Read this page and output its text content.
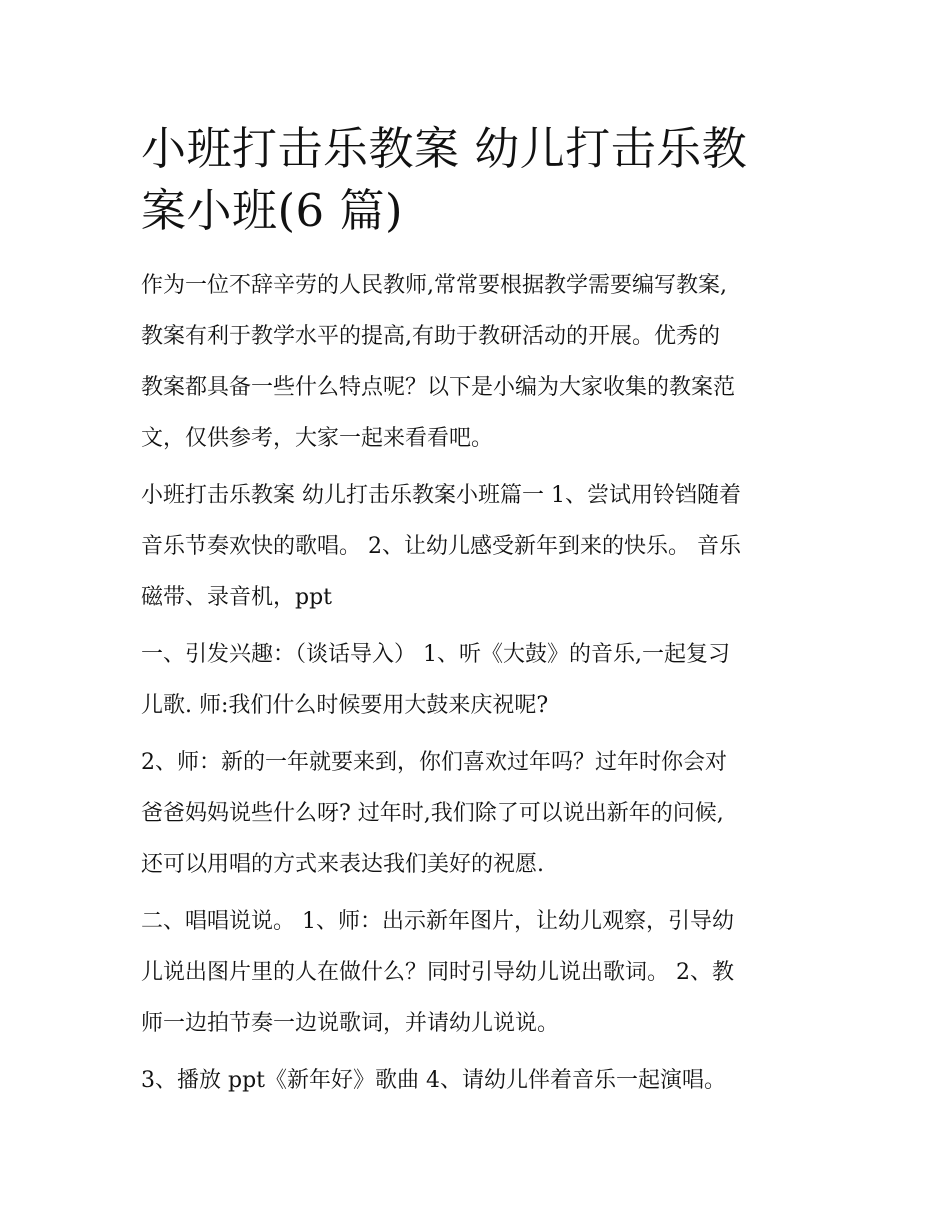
小班打击乐教案 幼儿打击乐教
案小班(6 篇)

作为一位不辞辛劳的人民教师,常常要根据教学需要编写教案,
教案有利于教学水平的提高,有助于教研活动的开展。优秀的
教案都具备一些什么特点呢？以下是小编为大家收集的教案范
文，仅供参考，大家一起来看看吧。

小班打击乐教案 幼儿打击乐教案小班篇一 1、尝试用铃铛随着
音乐节奏欢快的歌唱。 2、让幼儿感受新年到来的快乐。 音乐
磁带、录音机，ppt

一、引发兴趣：（谈话导入） 1、听《大鼓》的音乐,一起复习
儿歌. 师:我们什么时候要用大鼓来庆祝呢?

2、师：新的一年就要来到，你们喜欢过年吗？过年时你会对
爸爸妈妈说些什么呀? 过年时,我们除了可以说出新年的问候,
还可以用唱的方式来表达我们美好的祝愿.

二、唱唱说说。 1、师：出示新年图片，让幼儿观察，引导幼
儿说出图片里的人在做什么？同时引导幼儿说出歌词。 2、教
师一边拍节奏一边说歌词，并请幼儿说说。

3、播放 ppt《新年好》歌曲 4、请幼儿伴着音乐一起演唱。
